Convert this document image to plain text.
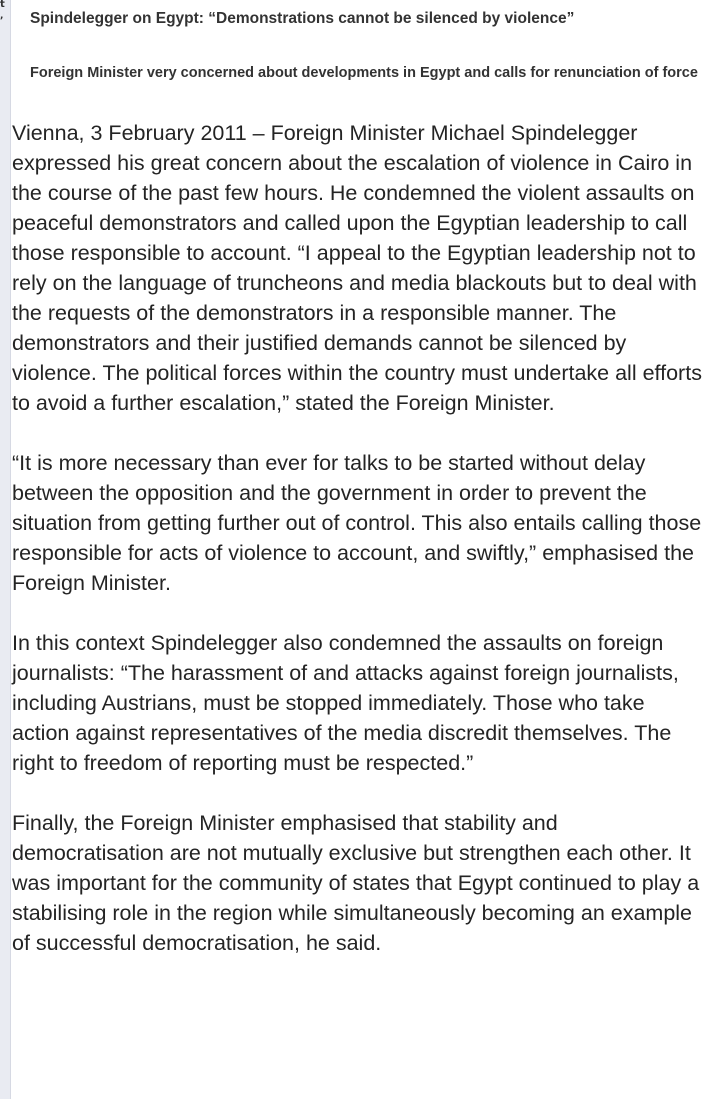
t
, Spindelegger on Egypt: “Demonstrations cannot be silenced by violence”
Foreign Minister very concerned about developments in Egypt and calls for renunciation of force

Vienna, 3 February 2011 – Foreign Minister Michael Spindelegger expressed his great concern about the escalation of violence in Cairo in the course of the past few hours. He condemned the violent assaults on peaceful demonstrators and called upon the Egyptian leadership to call those responsible to account. “I appeal to the Egyptian leadership not to rely on the language of truncheons and media blackouts but to deal with the requests of the demonstrators in a responsible manner. The demonstrators and their justified demands cannot be silenced by violence. The political forces within the country must undertake all efforts to avoid a further escalation,” stated the Foreign Minister.

“It is more necessary than ever for talks to be started without delay between the opposition and the government in order to prevent the situation from getting further out of control. This also entails calling those responsible for acts of violence to account, and swiftly,” emphasised the Foreign Minister.

In this context Spindelegger also condemned the assaults on foreign journalists: “The harassment of and attacks against foreign journalists, including Austrians, must be stopped immediately. Those who take action against representatives of the media discredit themselves. The right to freedom of reporting must be respected.”

Finally, the Foreign Minister emphasised that stability and democratisation are not mutually exclusive but strengthen each other. It was important for the community of states that Egypt continued to play a stabilising role in the region while simultaneously becoming an example of successful democratisation, he said.
